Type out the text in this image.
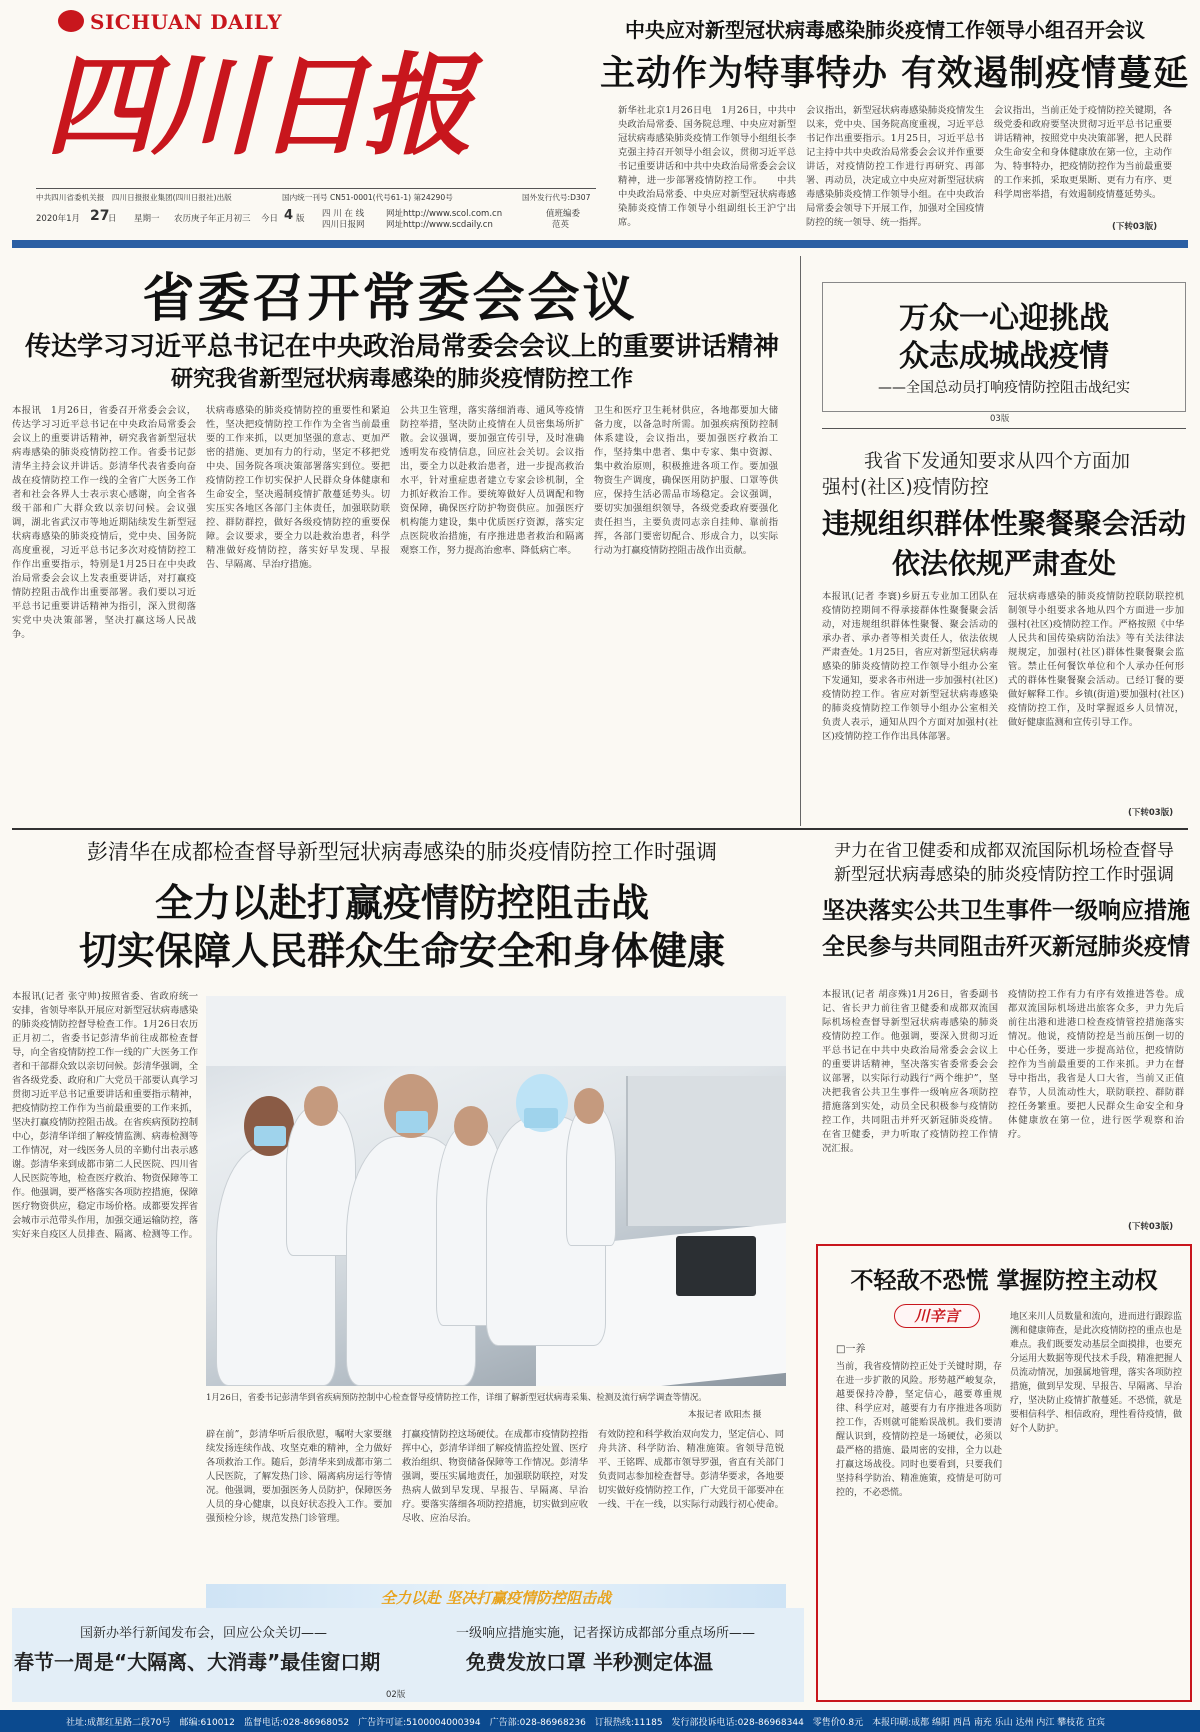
SICHUAN DAILY
四川日报
中共四川省委机关报　四川日报报业集团(四川日报社)出版	国内统一刊号 CN51-0001(代号61-1) 第24290号	国外发行代号:D307
2020年1月 27
日 星期一 农历庚子年正月初三 今日 4 版 四 川 在 线
四川日报网
网址http://www.scol.com.cn
网址http://www.scdaily.cn
值班编委
范英
中央应对新型冠状病毒感染肺炎疫情工作领导小组召开会议
主动作为特事特办 有效遏制疫情蔓延
新华社北京1月26日电　1月26日，中共中央政治局常委、国务院总理、中央应对新型冠状病毒感染肺炎疫情工作领导小组组长李克强主持召开领导小组会议，贯彻习近平总书记重要讲话和中共中央政治局常委会会议精神，进一步部署疫情防控工作。　　中共中央政治局常委、中央应对新型冠状病毒感染肺炎疫情工作领导小组副组长王沪宁出席。
会议指出，新型冠状病毒感染肺炎疫情发生以来，党中央、国务院高度重视，习近平总书记作出重要指示。1月25日，习近平总书记主持中共中央政治局常委会会议并作重要讲话，对疫情防控工作进行再研究、再部署、再动员，决定成立中央应对新型冠状病毒感染肺炎疫情工作领导小组。在中央政治局常委会领导下开展工作，加强对全国疫情防控的统一领导、统一指挥。
会议指出，当前正处于疫情防控关键期，各级党委和政府要坚决贯彻习近平总书记重要讲话精神，按照党中央决策部署，把人民群众生命安全和身体健康放在第一位，主动作为、特事特办，把疫情防控作为当前最重要的工作来抓，采取更果断、更有力有序、更科学周密举措，有效遏制疫情蔓延势头。
(下转03版)
省委召开常委会会议
传达学习习近平总书记在中央政治局常委会会议上的重要讲话精神
研究我省新型冠状病毒感染的肺炎疫情防控工作
本报讯　1月26日，省委召开常委会会议，传达学习习近平总书记在中央政治局常委会会议上的重要讲话精神，研究我省新型冠状病毒感染的肺炎疫情防控工作。省委书记彭清华主持会议并讲话。彭清华代表省委向奋战在疫情防控工作一线的全省广大医务工作者和社会各界人士表示衷心感谢，向全省各级干部和广大群众致以亲切问候。会议强调，湖北省武汉市等地近期陆续发生新型冠状病毒感染的肺炎疫情后，党中央、国务院高度重视，习近平总书记多次对疫情防控工作作出重要指示，特别是1月25日在中央政治局常委会会议上发表重要讲话，对打赢疫情防控阻击战作出重要部署。我们要以习近平总书记重要讲话精神为指引，深入贯彻落实党中央决策部署，坚决打赢这场人民战争。
状病毒感染的肺炎疫情防控的重要性和紧迫性，坚决把疫情防控工作作为全省当前最重要的工作来抓，以更加坚强的意志、更加严密的措施、更加有力的行动，坚定不移把党中央、国务院各项决策部署落实到位。要把疫情防控工作切实保护人民群众身体健康和生命安全，坚决遏制疫情扩散蔓延势头。切实压实各地区各部门主体责任，加强联防联控、群防群控，做好各级疫情防控的重要保障。会议要求，要全力以赴救治患者，科学精准做好疫情防控，落实好早发现、早报告、早隔离、早治疗措施。
公共卫生管理，落实落细消毒、通风等疫情防控举措，坚决防止疫情在人员密集场所扩散。会议强调，要加强宣传引导，及时准确透明发布疫情信息，回应社会关切。会议指出，要全力以赴救治患者，进一步提高救治水平，针对重症患者建立专家会诊机制，全力抓好救治工作。要统筹做好人员调配和物资保障，确保医疗防护物资供应。加强医疗机构能力建设，集中优质医疗资源，落实定点医院收治措施，有序推进患者救治和隔离观察工作，努力提高治愈率、降低病亡率。
卫生和医疗卫生耗材供应，各地都要加大储备力度，以备急时所需。加强疾病预防控制体系建设，会议指出，要加强医疗救治工作，坚持集中患者、集中专家、集中资源、集中救治原则，积极推进各项工作。要加强物资生产调度，确保医用防护服、口罩等供应，保持生活必需品市场稳定。会议强调，要切实加强组织领导，各级党委政府要强化责任担当，主要负责同志亲自挂帅、靠前指挥，各部门要密切配合、形成合力，以实际行动为打赢疫情防控阻击战作出贡献。
万众一心迎挑战
众志成城战疫情
——全国总动员打响疫情防控阻击战纪实
03版
我省下发通知要求从四个方面加
强村(社区)疫情防控
违规组织群体性聚餐聚会活动
依法依规严肃查处
本报讯(记者 李寰)乡厨五专业加工团队在疫情防控期间不得承接群体性聚餐聚会活动，对违规组织群体性聚餐、聚会活动的承办者、承办者等相关责任人，依法依规严肃查处。1月25日，省应对新型冠状病毒感染的肺炎疫情防控工作领导小组办公室下发通知，要求各市州进一步加强村(社区)疫情防控工作。省应对新型冠状病毒感染的肺炎疫情防控工作领导小组办公室相关负责人表示，通知从四个方面对加强村(社区)疫情防控工作作出具体部署。
冠状病毒感染的肺炎疫情防控联防联控机制领导小组要求各地从四个方面进一步加强村(社区)疫情防控工作。严格按照《中华人民共和国传染病防治法》等有关法律法规规定，加强村(社区)群体性聚餐聚会监管。禁止任何餐饮单位和个人承办任何形式的群体性聚餐聚会活动。已经订餐的要做好解释工作。乡镇(街道)要加强村(社区)疫情防控工作，及时掌握返乡人员情况，做好健康监测和宣传引导工作。
(下转03版)
彭清华在成都检查督导新型冠状病毒感染的肺炎疫情防控工作时强调
全力以赴打赢疫情防控阻击战
切实保障人民群众生命安全和身体健康
本报讯(记者 张守帅)按照省委、省政府统一安排，省领导率队开展应对新型冠状病毒感染的肺炎疫情防控督导检查工作。1月26日农历正月初二，省委书记彭清华前往成都检查督导，向全省疫情防控工作一线的广大医务工作者和干部群众致以亲切问候。彭清华强调，全省各级党委、政府和广大党员干部要认真学习贯彻习近平总书记重要讲话和重要指示精神，把疫情防控工作作为当前最重要的工作来抓，坚决打赢疫情防控阻击战。在省疾病预防控制中心，彭清华详细了解疫情监测、病毒检测等工作情况，对一线医务人员的辛勤付出表示感谢。彭清华来到成都市第二人民医院、四川省人民医院等地，检查医疗救治、物资保障等工作。他强调，要严格落实各项防控措施，保障医疗物资供应，稳定市场价格。成都要发挥省会城市示范带头作用，加强交通运输防控，落实好来自疫区人员排查、隔离、检测等工作。
1月26日，省委书记彭清华到省疾病预防控制中心检查督导疫情防控工作，详细了解新型冠状病毒采集、检测及流行病学调查等情况。
本报记者 欧阳杰 摄
辟在前”，彭清华听后很欣慰，嘱咐大家要继续发扬连续作战、攻坚克难的精神，全力做好各项救治工作。随后，彭清华来到成都市第二人民医院，了解发热门诊、隔离病房运行等情况。他强调，要加强医务人员防护，保障医务人员的身心健康，以良好状态投入工作。要加强预检分诊，规范发热门诊管理。
打赢疫情防控这场硬仗。在成都市疫情防控指挥中心，彭清华详细了解疫情监控处置、医疗救治组织、物资储备保障等工作情况。彭清华强调，要压实属地责任，加强联防联控，对发热病人做到早发现、早报告、早隔离、早治疗。要落实落细各项防控措施，切实做到应收尽收、应治尽治。
有效防控和科学救治双向发力，坚定信心、同舟共济、科学防治、精准施策。省领导范锐平、王铭晖、成都市领导罗强，省直有关部门负责同志参加检查督导。彭清华要求，各地要切实做好疫情防控工作，广大党员干部要冲在一线、干在一线，以实际行动践行初心使命。
尹力在省卫健委和成都双流国际机场检查督导
新型冠状病毒感染的肺炎疫情防控工作时强调
坚决落实公共卫生事件一级响应措施
全民参与共同阻击歼灭新冠肺炎疫情
本报讯(记者 胡彦殊)1月26日，省委副书记、省长尹力前往省卫健委和成都双流国际机场检查督导新型冠状病毒感染的肺炎疫情防控工作。他强调，要深入贯彻习近平总书记在中共中央政治局常委会会议上的重要讲话精神，坚决落实省委常委会会议部署，以实际行动践行“两个维护”，坚决把我省公共卫生事件一级响应各项防控措施落到实处，动员全民积极参与疫情防控工作，共同阻击并歼灭新冠肺炎疫情。在省卫健委，尹力听取了疫情防控工作情况汇报。
疫情防控工作有力有序有效推进答卷。成都双流国际机场进出旅客众多，尹力先后前往出港和进港口检查疫情管控措施落实情况。他说，疫情防控是当前压倒一切的中心任务，要进一步提高站位，把疫情防控作为当前最重要的工作来抓。尹力在督导中指出，我省是人口大省，当前又正值春节，人员流动性大，联防联控、群防群控任务繁重。要把人民群众生命安全和身体健康放在第一位，进行医学观察和治疗。
(下转03版)
不轻敌不恐慌 掌握防控主动权
川辛言
□一养
当前，我省疫情防控正处于关键时期，存在进一步扩散的风险。形势越严峻复杂，越要保持冷静，坚定信心，越要尊重规律、科学应对，越要有力有序推进各项防控工作，否则就可能贻误战机。我们要清醒认识到，疫情防控是一场硬仗，必须以最严格的措施、最周密的安排，全力以赴打赢这场战役。同时也要看到，只要我们坚持科学防治、精准施策，疫情是可防可控的，不必恐慌。
地区来川人员数量和流向，进而进行跟踪监测和健康筛查，是此次疫情防控的重点也是难点。我们既要发动基层全面摸排，也要充分运用大数据等现代技术手段，精准把握人员流动情况，加强属地管理，落实各项防控措施，做到早发现、早报告、早隔离、早治疗，坚决防止疫情扩散蔓延。不恐慌，就是要相信科学、相信政府，理性看待疫情，做好个人防护。
全力以赴 坚决打赢疫情防控阻击战
国新办举行新闻发布会，回应公众关切——
春节一周是“大隔离、大消毒”最佳窗口期
一级响应措施实施，记者探访成都部分重点场所——
免费发放口罩 半秒测定体温
02版
社址:成都红星路二段70号　邮编:610012　监督电话:028-86968052　广告许可证:5100004000394　广告部:028-86968236　订报热线:11185　发行部投诉电话:028-86968344　零售价0.8元　本报印刷:成都 绵阳 西昌 南充 乐山 达州 内江 攀枝花 宜宾
